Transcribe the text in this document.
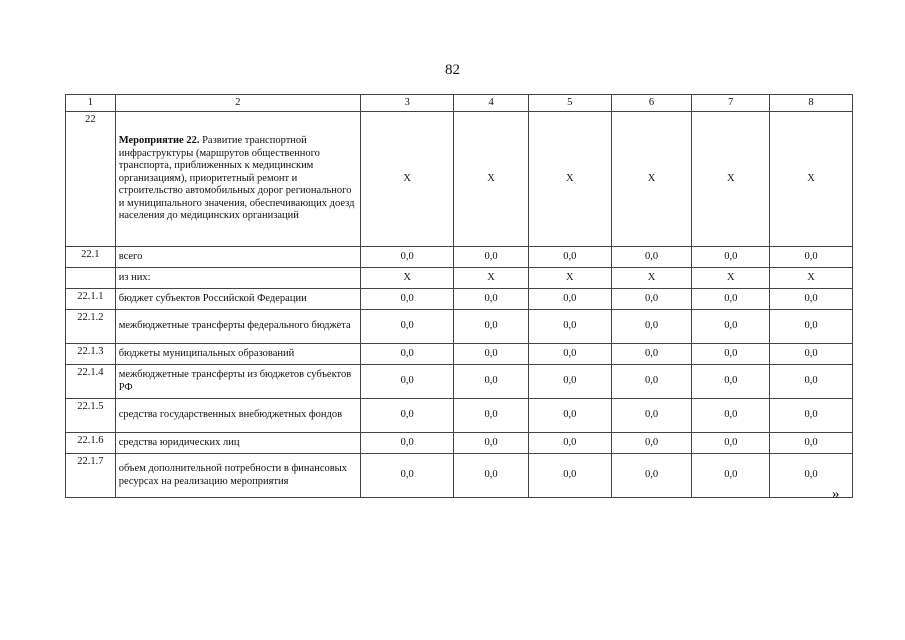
82
1	2	3	4	5	6	7	8
22	Мероприятие 22. Развитие транспортной инфраструктуры (маршрутов общественного транспорта, приближенных к медицинским организациям), приоритетный ремонт и строительство автомобильных дорог регионального и муниципального значения, обеспечивающих доезд населения до медицинских организаций	X	X	X	X	X	X
22.1	всего	0,0	0,0	0,0	0,0	0,0	0,0
	из них:	X	X	X	X	X	X
22.1.1	бюджет субъектов Российской Федерации	0,0	0,0	0,0	0,0	0,0	0,0
22.1.2	межбюджетные трансферты федерального бюджета	0,0	0,0	0,0	0,0	0,0	0,0
22.1.3	бюджеты муниципальных образований	0,0	0,0	0,0	0,0	0,0	0,0
22.1.4	межбюджетные трансферты из бюджетов субъектов РФ	0,0	0,0	0,0	0,0	0,0	0,0
22.1.5	средства государственных внебюджетных фондов	0,0	0,0	0,0	0,0	0,0	0,0
22.1.6	средства юридических лиц	0,0	0,0	0,0	0,0	0,0	0,0
22.1.7	объем дополнительной потребности в финансовых ресурсах на реализацию мероприятия	0,0	0,0	0,0	0,0	0,0	0,0
»
